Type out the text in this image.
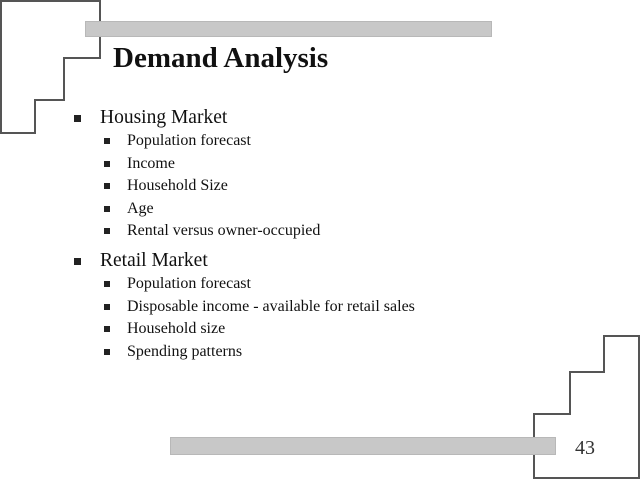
Demand Analysis
Housing Market
Population forecast
Income
Household Size
Age
Rental versus owner-occupied
Retail Market
Population forecast
Disposable income - available for retail sales
Household size
Spending patterns
43
